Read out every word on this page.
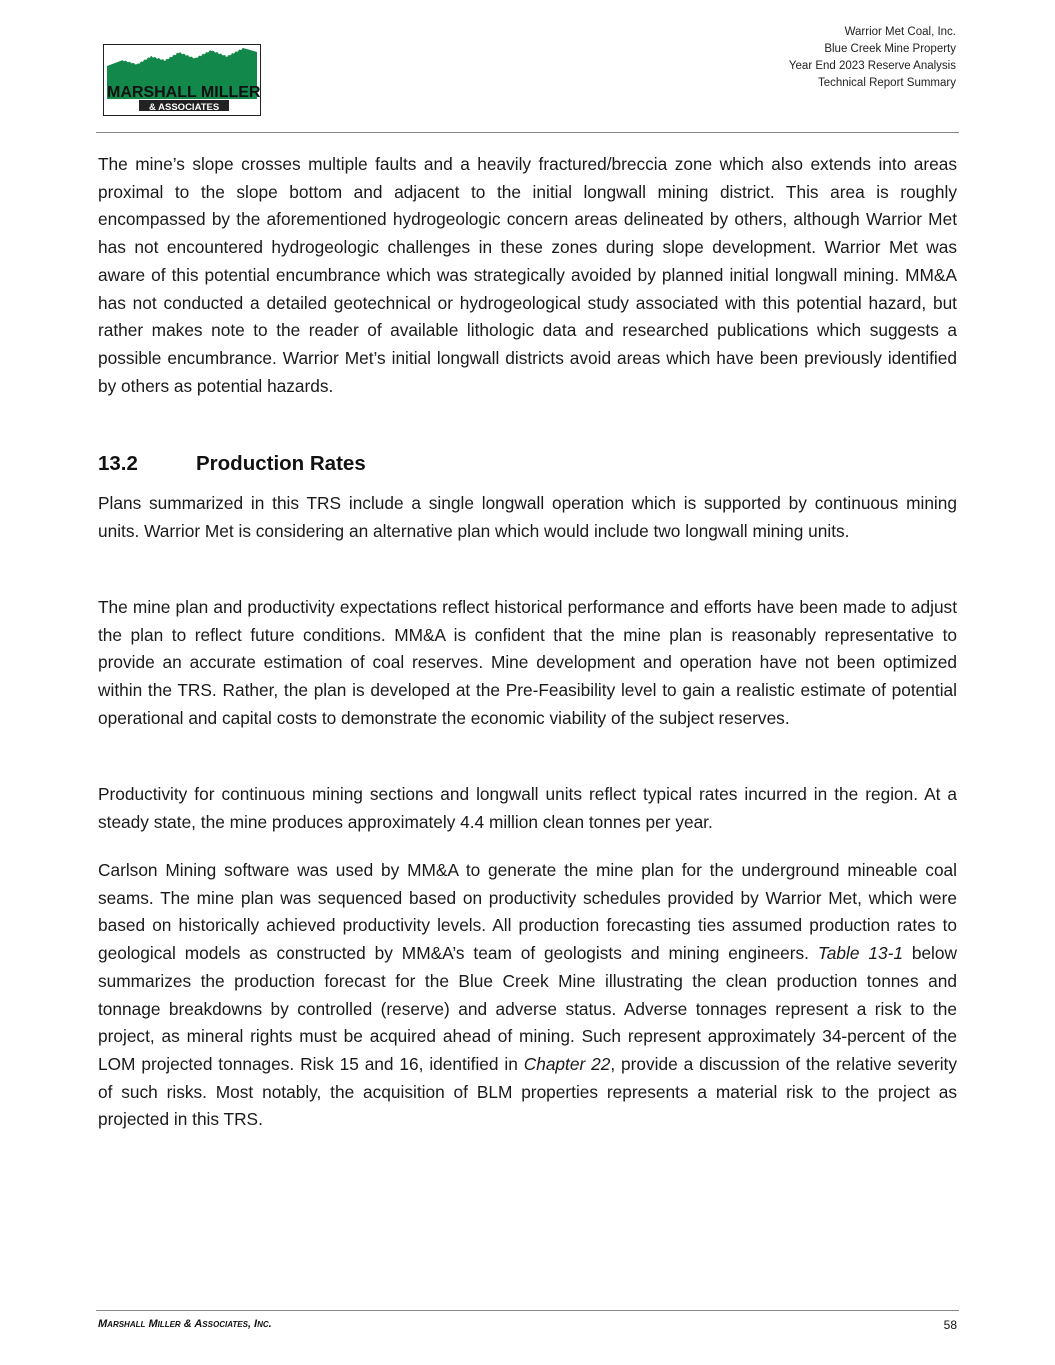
MARSHALL MILLER
& ASSOCIATES
Warrior Met Coal, Inc.
Blue Creek Mine Property
Year End 2023 Reserve Analysis
Technical Report Summary

The mine’s slope crosses multiple faults and a heavily fractured/breccia zone which also extends into areas proximal to the slope bottom and adjacent to the initial longwall mining district. This area is roughly encompassed by the aforementioned hydrogeologic concern areas delineated by others, although Warrior Met has not encountered hydrogeologic challenges in these zones during slope development. Warrior Met was aware of this potential encumbrance which was strategically avoided by planned initial longwall mining. MM&A has not conducted a detailed geotechnical or hydrogeological study associated with this potential hazard, but rather makes note to the reader of available lithologic data and researched publications which suggests a possible encumbrance. Warrior Met’s initial longwall districts avoid areas which have been previously identified by others as potential hazards.

13.2	Production Rates

Plans summarized in this TRS include a single longwall operation which is supported by continuous mining units. Warrior Met is considering an alternative plan which would include two longwall mining units.

The mine plan and productivity expectations reflect historical performance and efforts have been made to adjust the plan to reflect future conditions. MM&A is confident that the mine plan is reasonably representative to provide an accurate estimation of coal reserves. Mine development and operation have not been optimized within the TRS. Rather, the plan is developed at the Pre-Feasibility level to gain a realistic estimate of potential operational and capital costs to demonstrate the economic viability of the subject reserves.

Productivity for continuous mining sections and longwall units reflect typical rates incurred in the region. At a steady state, the mine produces approximately 4.4 million clean tonnes per year.

Carlson Mining software was used by MM&A to generate the mine plan for the underground mineable coal seams. The mine plan was sequenced based on productivity schedules provided by Warrior Met, which were based on historically achieved productivity levels. All production forecasting ties assumed production rates to geological models as constructed by MM&A’s team of geologists and mining engineers. Table 13-1 below summarizes the production forecast for the Blue Creek Mine illustrating the clean production tonnes and tonnage breakdowns by controlled (reserve) and adverse status. Adverse tonnages represent a risk to the project, as mineral rights must be acquired ahead of mining. Such represent approximately 34-percent of the LOM projected tonnages. Risk 15 and 16, identified in Chapter 22, provide a discussion of the relative severity of such risks. Most notably, the acquisition of BLM properties represents a material risk to the project as projected in this TRS.

Marshall Miller & Associates, Inc.	58
